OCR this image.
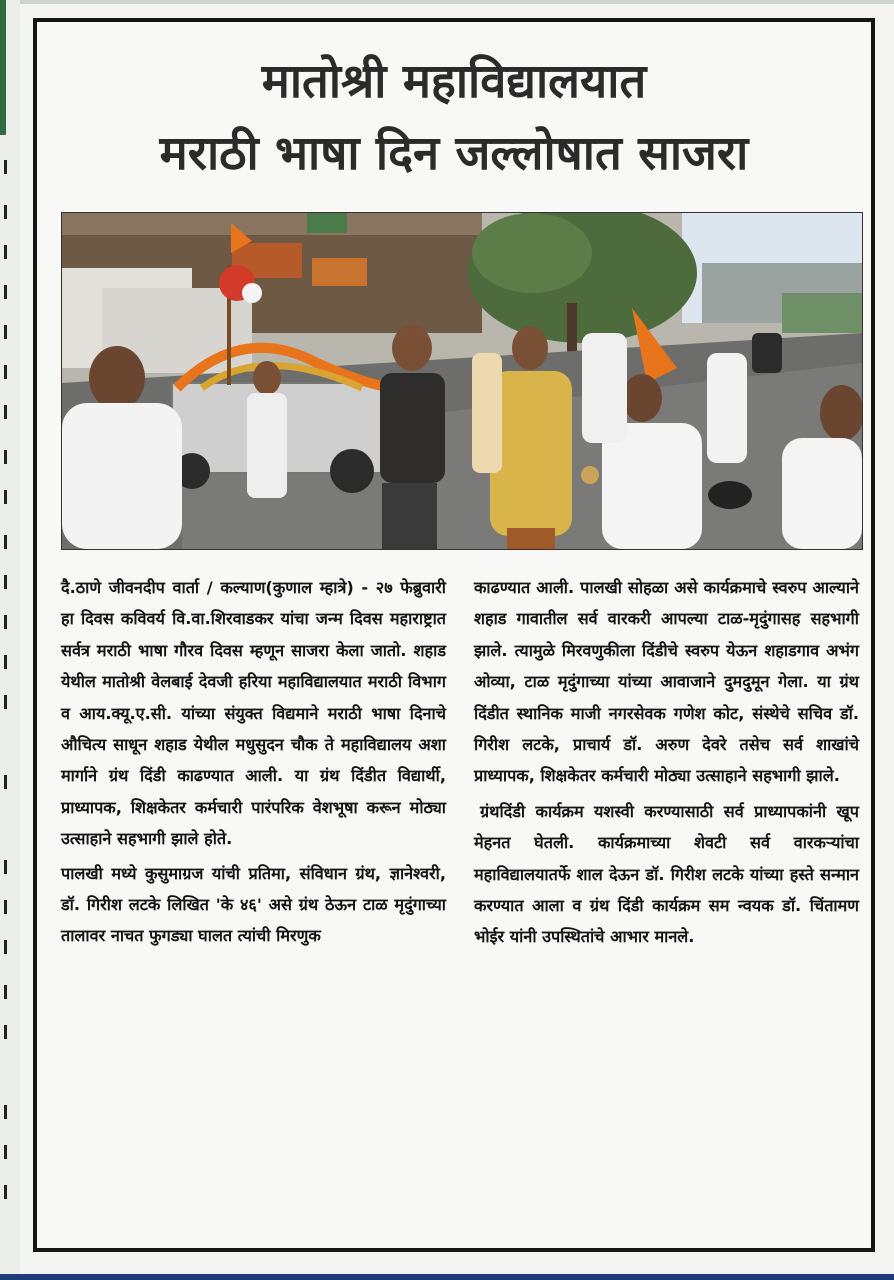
मातोश्री महाविद्यालयात
मराठी भाषा दिन जल्लोषात साजरा

दै.ठाणे जीवनदीप वार्ता / कल्याण(कुणाल म्हात्रे) - २७ फेब्रुवारी हा दिवस कविवर्य वि.वा.शिरवाडकर यांचा जन्म दिवस महाराष्ट्रात सर्वत्र मराठी भाषा गौरव दिवस म्हणून साजरा केला जातो. शहाड येथील मातोश्री वेलबाई देवजी हरिया महाविद्यालयात मराठी विभाग व आय.क्यू.ए.सी. यांच्या संयुक्त विद्यमाने मराठी भाषा दिनाचे औचित्य साधून शहाड येथील मधुसुदन चौक ते महाविद्यालय अशा मार्गाने ग्रंथ दिंडी काढण्यात आली. या ग्रंथ दिंडीत विद्यार्थी, प्राध्यापक, शिक्षकेतर कर्मचारी पारंपरिक वेशभूषा करून मोठ्या उत्साहाने सहभागी झाले होते.

पालखी मध्ये कुसुमाग्रज यांची प्रतिमा, संविधान ग्रंथ, ज्ञानेश्वरी, डॉ. गिरीश लटके लिखित 'के ४६' असे ग्रंथ ठेऊन टाळ मृदुंगाच्या तालावर नाचत फुगड्या घालत त्यांची मिरणुक

काढण्यात आली. पालखी सोहळा असे कार्यक्रमाचे स्वरुप आल्याने शहाड गावातील सर्व वारकरी आपल्या टाळ-मृदुंगासह सहभागी झाले. त्यामुळे मिरवणुकीला दिंडीचे स्वरुप येऊन शहाडगाव अभंग ओव्या, टाळ मृदुंगाच्या यांच्या आवाजाने दुमदुमून गेला. या ग्रंथ दिंडीत स्थानिक माजी नगरसेवक गणेश कोट, संस्थेचे सचिव डॉ. गिरीश लटके, प्राचार्य डॉ. अरुण देवरे तसेच सर्व शाखांचे प्राध्यापक, शिक्षकेतर कर्मचारी मोठ्या उत्साहाने सहभागी झाले.

ग्रंथदिंडी कार्यक्रम यशस्वी करण्यासाठी सर्व प्राध्यापकांनी खूप मेहनत घेतली. कार्यक्रमाच्या शेवटी सर्व वारकऱ्यांचा महाविद्यालयातर्फे शाल देऊन डॉ. गिरीश लटके यांच्या हस्ते सन्मान करण्यात आला व ग्रंथ दिंडी कार्यक्रम सम न्वयक डॉ. चिंतामण भोईर यांनी उपस्थितांचे आभार मानले.
